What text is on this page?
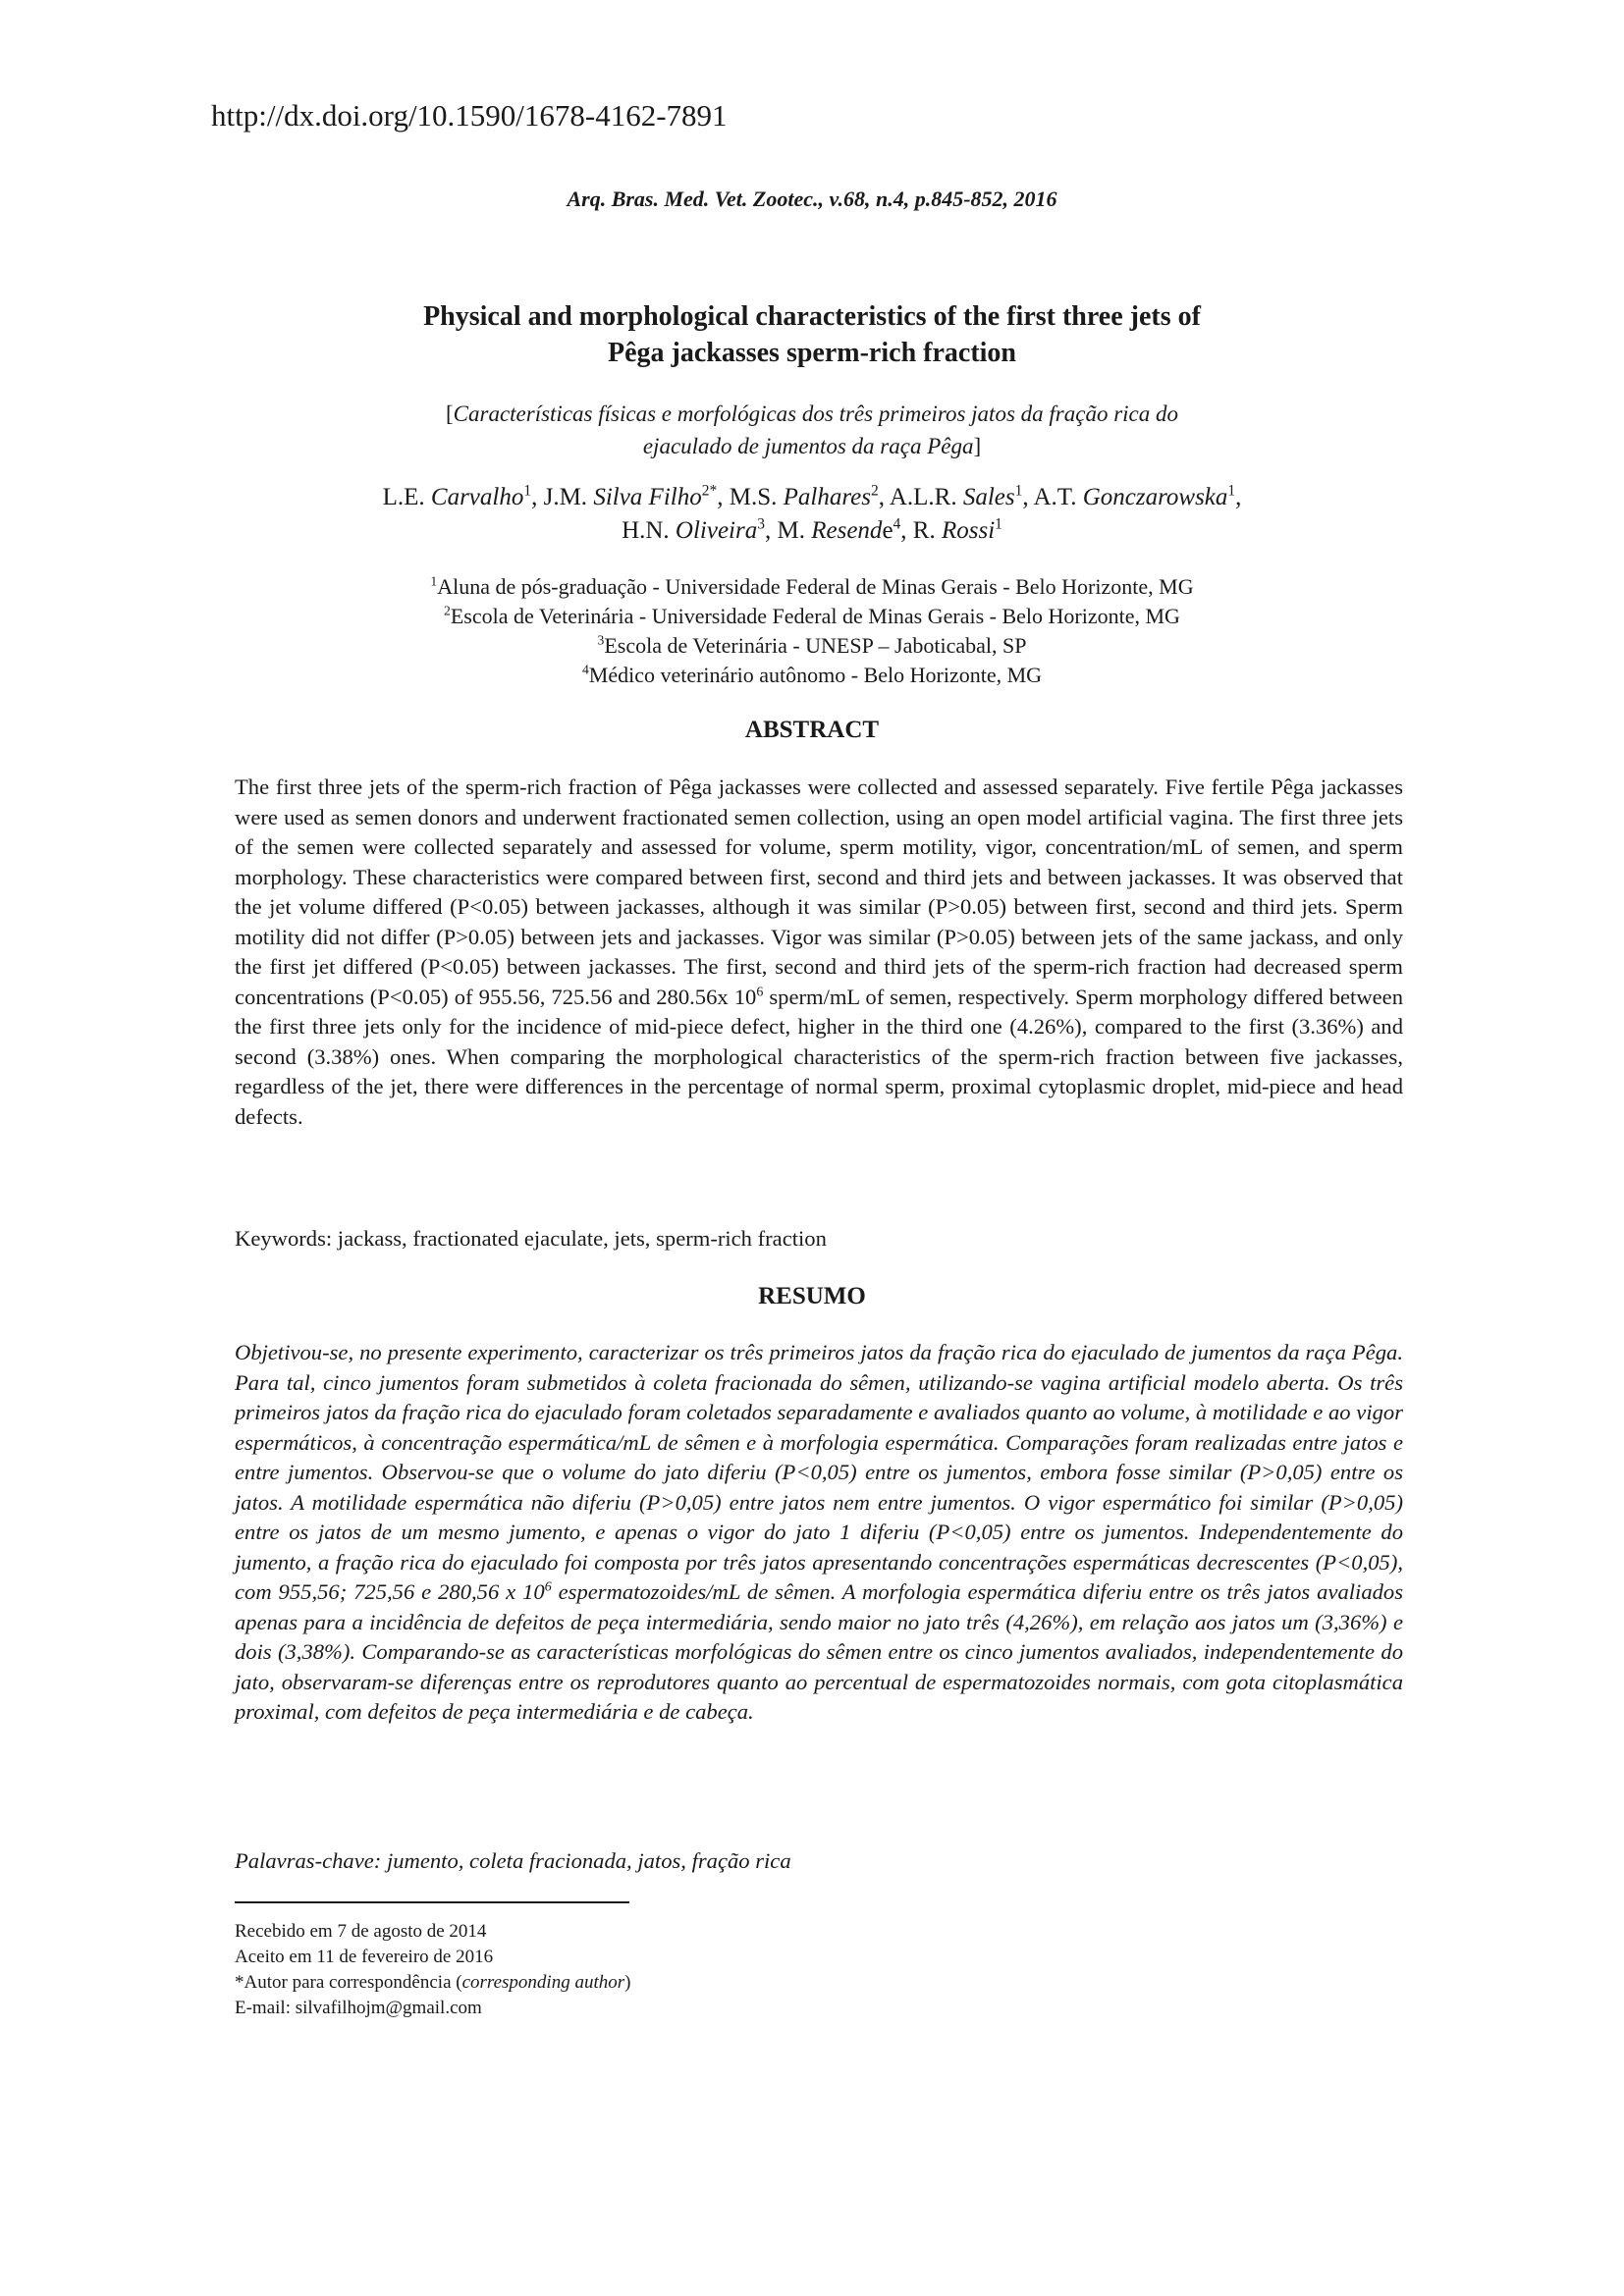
http://dx.doi.org/10.1590/1678-4162-7891
Arq. Bras. Med. Vet. Zootec., v.68, n.4, p.845-852, 2016
Physical and morphological characteristics of the first three jets of
Pêga jackasses sperm-rich fraction
[Características físicas e morfológicas dos três primeiros jatos da fração rica do
ejaculado de jumentos da raça Pêga]
L.E. Carvalho$^1$, J.M. Silva Filho$^{2*}$, M.S. Palhares$^2$, A.L.R. Sales$^1$, A.T. Gonczarowska$^1$,
H.N. Oliveira$^3$, M. Resende$^4$, R. Rossi$^1$
$^1$Aluna de pós-graduação - Universidade Federal de Minas Gerais - Belo Horizonte, MG
$^2$Escola de Veterinária - Universidade Federal de Minas Gerais - Belo Horizonte, MG
$^3$Escola de Veterinária - UNESP – Jaboticabal, SP
$^4$Médico veterinário autônomo - Belo Horizonte, MG
ABSTRACT
The first three jets of the sperm-rich fraction of Pêga jackasses were collected and assessed separately. Five fertile Pêga jackasses were used as semen donors and underwent fractionated semen collection, using an open model artificial vagina. The first three jets of the semen were collected separately and assessed for volume, sperm motility, vigor, concentration/mL of semen, and sperm morphology. These characteristics were compared between first, second and third jets and between jackasses. It was observed that the jet volume differed (P<0.05) between jackasses, although it was similar (P>0.05) between first, second and third jets. Sperm motility did not differ (P>0.05) between jets and jackasses. Vigor was similar (P>0.05) between jets of the same jackass, and only the first jet differed (P<0.05) between jackasses. The first, second and third jets of the sperm-rich fraction had decreased sperm concentrations (P<0.05) of 955.56, 725.56 and 280.56x $10^6$ sperm/mL of semen, respectively. Sperm morphology differed between the first three jets only for the incidence of mid-piece defect, higher in the third one (4.26%), compared to the first (3.36%) and second (3.38%) ones. When comparing the morphological characteristics of the sperm-rich fraction between five jackasses, regardless of the jet, there were differences in the percentage of normal sperm, proximal cytoplasmic droplet, mid-piece and head defects.
Keywords: jackass, fractionated ejaculate, jets, sperm-rich fraction
RESUMO
Objetivou-se, no presente experimento, caracterizar os três primeiros jatos da fração rica do ejaculado de jumentos da raça Pêga. Para tal, cinco jumentos foram submetidos à coleta fracionada do sêmen, utilizando-se vagina artificial modelo aberta. Os três primeiros jatos da fração rica do ejaculado foram coletados separadamente e avaliados quanto ao volume, à motilidade e ao vigor espermáticos, à concentração espermática/mL de sêmen e à morfologia espermática. Comparações foram realizadas entre jatos e entre jumentos. Observou-se que o volume do jato diferiu (P<0,05) entre os jumentos, embora fosse similar (P>0,05) entre os jatos. A motilidade espermática não diferiu (P>0,05) entre jatos nem entre jumentos. O vigor espermático foi similar (P>0,05) entre os jatos de um mesmo jumento, e apenas o vigor do jato 1 diferiu (P<0,05) entre os jumentos. Independentemente do jumento, a fração rica do ejaculado foi composta por três jatos apresentando concentrações espermáticas decrescentes (P<0,05), com 955,56; 725,56 e 280,56 x $10^6$ espermatozoides/mL de sêmen. A morfologia espermática diferiu entre os três jatos avaliados apenas para a incidência de defeitos de peça intermediária, sendo maior no jato três (4,26%), em relação aos jatos um (3,36%) e dois (3,38%). Comparando-se as características morfológicas do sêmen entre os cinco jumentos avaliados, independentemente do jato, observaram-se diferenças entre os reprodutores quanto ao percentual de espermatozoides normais, com gota citoplasmática proximal, com defeitos de peça intermediária e de cabeça.
Palavras-chave: jumento, coleta fracionada, jatos, fração rica
Recebido em 7 de agosto de 2014
Aceito em 11 de fevereiro de 2016
*Autor para correspondência (corresponding author)
E-mail: silvafilhojm@gmail.com
